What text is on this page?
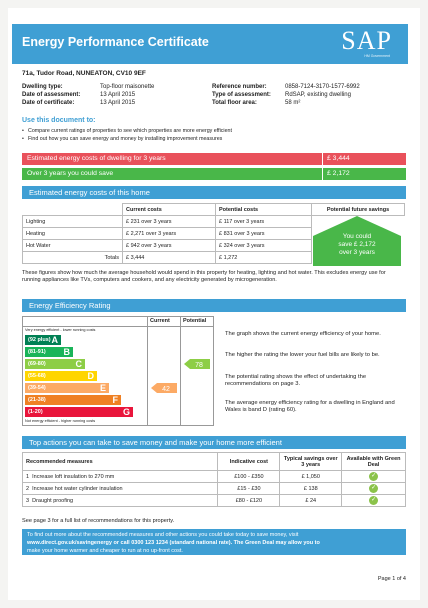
Energy Performance Certificate	SAP
HM Government
71a, Tudor Road, NUNEATON, CV10 9EF
Dwelling type:	Top-floor maisonette
Date of assessment:	13 April 2015
Date of certificate:	13 April 2015
Reference number:	0858-7124-3170-1577-6992
Type of assessment: RdSAP, existing dwelling
Total floor area:	58 m²
Use this document to:
• Compare current ratings of properties to see which properties are more energy efficient
• Find out how you can save energy and money by installing improvement measures
Estimated energy costs of dwelling for 3 years	£ 3,444
Over 3 years you could save	£ 2,172
Estimated energy costs of this home
	Current costs	Potential costs	Potential future savings
Lighting	£ 231 over 3 years	£ 117 over 3 years	
Heating	£ 2,271 over 3 years	£ 831 over 3 years	
Hot Water	£ 942 over 3 years	£ 324 over 3 years	
Totals	£ 3,444	£ 1,272	
You could
save £ 2,172
over 3 years
These figures show how much the average household would spend in this property for heating, lighting and hot water. This excludes energy use for running appliances like TVs, computers and cookers, and any electricity generated by microgeneration.
Energy Efficiency Rating
Current Potential
Very energy efficient - lower running costs
Not energy efficient - higher running costs
(92 plus) A
(81-91) B
(69-80)	C
(55-68)	D
(39-54)	E
(21-38)	F
(1-20)	G
42
78
The graph shows the current energy efficiency of your home.
The higher the rating the lower your fuel bills are likely to be.
The potential rating shows the effect of undertaking the recommendations on page 3.
The average energy efficiency rating for a dwelling in England and Wales is band D (rating 60).
Top actions you can take to save money and make your home more efficient
Recommended measures	Indicative cost	Typical savings over 3 years	Available with Green Deal
1 Increase loft insulation to 270 mm	£100 - £350	£ 1,050	✓
2 Increase hot water cylinder insulation	£15 - £30	£ 138	✓
3 Draught proofing	£80 - £120	£ 24	✓
See page 3 for a full list of recommendations for this property.
To find out more about the recommended measures and other actions you could take today to save money, visit
www.direct.gov.uk/savingenergy or call 0300 123 1234 (standard national rate). The Green Deal may allow you to
make your home warmer and cheaper to run at no up-front cost.
Page 1 of 4
